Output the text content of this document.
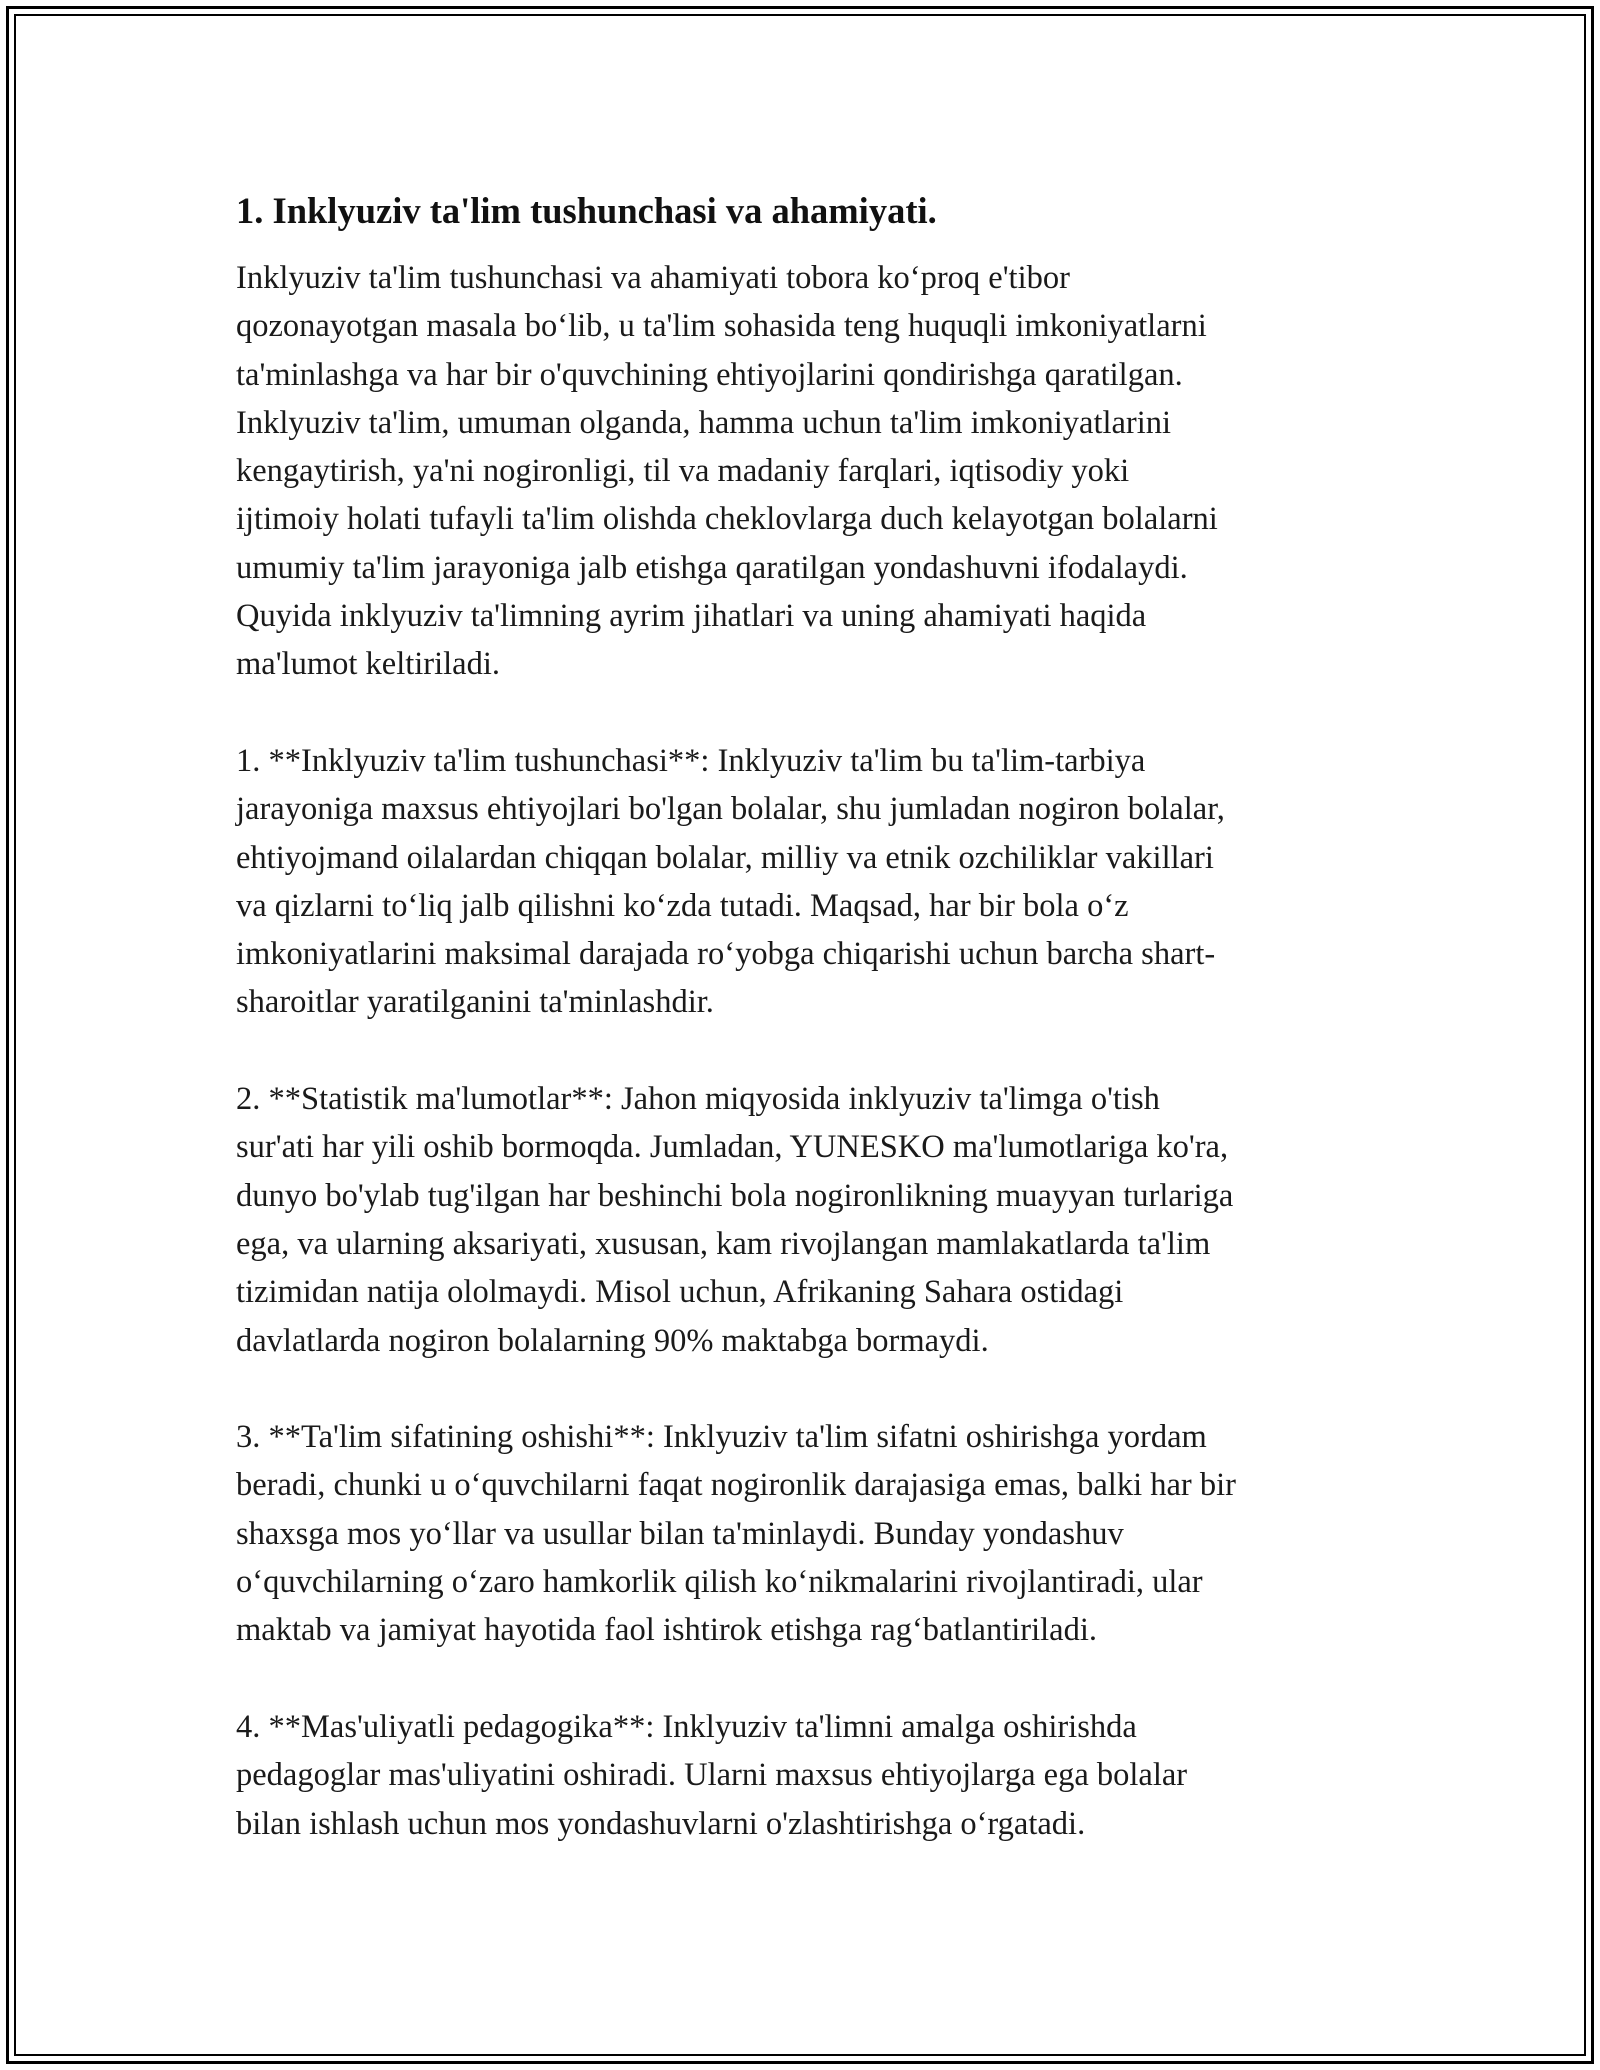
1. Inklyuziv ta'lim tushunchasi va ahamiyati.

Inklyuziv ta'lim tushunchasi va ahamiyati tobora ko‘proq e'tibor
qozonayotgan masala bo‘lib, u ta'lim sohasida teng huquqli imkoniyatlarni
ta'minlashga va har bir o'quvchining ehtiyojlarini qondirishga qaratilgan.
Inklyuziv ta'lim, umuman olganda, hamma uchun ta'lim imkoniyatlarini
kengaytirish, ya'ni nogironligi, til va madaniy farqlari, iqtisodiy yoki
ijtimoiy holati tufayli ta'lim olishda cheklovlarga duch kelayotgan bolalarni
umumiy ta'lim jarayoniga jalb etishga qaratilgan yondashuvni ifodalaydi.
Quyida inklyuziv ta'limning ayrim jihatlari va uning ahamiyati haqida
ma'lumot keltiriladi.

1. **Inklyuziv ta'lim tushunchasi**: Inklyuziv ta'lim bu ta'lim-tarbiya
jarayoniga maxsus ehtiyojlari bo'lgan bolalar, shu jumladan nogiron bolalar,
ehtiyojmand oilalardan chiqqan bolalar, milliy va etnik ozchiliklar vakillari
va qizlarni to‘liq jalb qilishni ko‘zda tutadi. Maqsad, har bir bola o‘z
imkoniyatlarini maksimal darajada ro‘yobga chiqarishi uchun barcha shart-
sharoitlar yaratilganini ta'minlashdir.

2. **Statistik ma'lumotlar**: Jahon miqyosida inklyuziv ta'limga o'tish
sur'ati har yili oshib bormoqda. Jumladan, YUNESKO ma'lumotlariga ko'ra,
dunyo bo'ylab tug'ilgan har beshinchi bola nogironlikning muayyan turlariga
ega, va ularning aksariyati, xususan, kam rivojlangan mamlakatlarda ta'lim
tizimidan natija ololmaydi. Misol uchun, Afrikaning Sahara ostidagi
davlatlarda nogiron bolalarning 90% maktabga bormaydi.

3. **Ta'lim sifatining oshishi**: Inklyuziv ta'lim sifatni oshirishga yordam
beradi, chunki u o‘quvchilarni faqat nogironlik darajasiga emas, balki har bir
shaxsga mos yo‘llar va usullar bilan ta'minlaydi. Bunday yondashuv
o‘quvchilarning o‘zaro hamkorlik qilish ko‘nikmalarini rivojlantiradi, ular
maktab va jamiyat hayotida faol ishtirok etishga rag‘batlantiriladi.

4. **Mas'uliyatli pedagogika**: Inklyuziv ta'limni amalga oshirishda
pedagoglar mas'uliyatini oshiradi. Ularni maxsus ehtiyojlarga ega bolalar
bilan ishlash uchun mos yondashuvlarni o'zlashtirishga o‘rgatadi.
